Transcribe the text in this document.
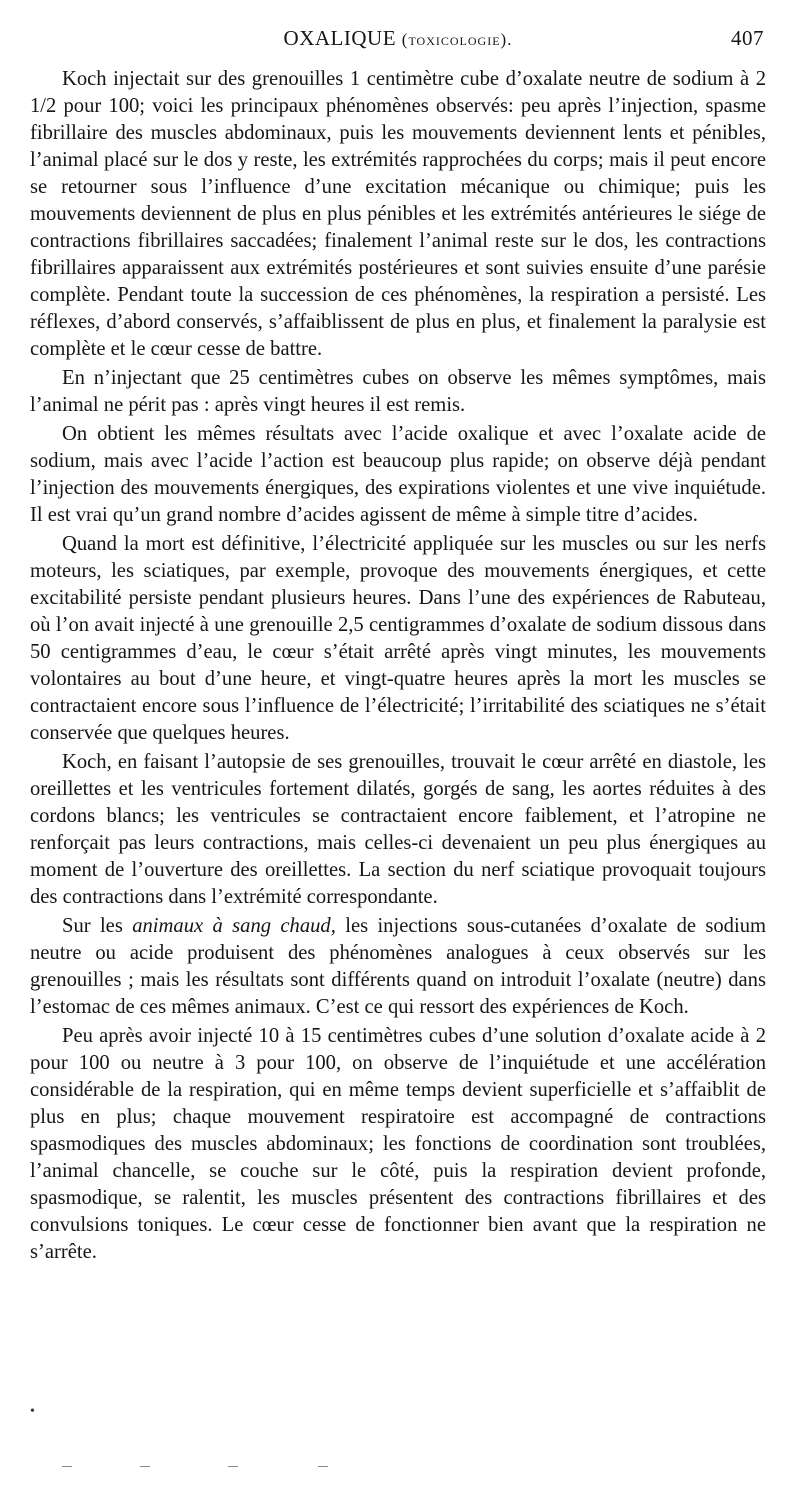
OXALIQUE (toxicologie).	407

Koch injectait sur des grenouilles 1 centimètre cube d’oxalate neutre de sodium à 2 1/2 pour 100; voici les principaux phénomènes observés: peu après l’injection, spasme fibrillaire des muscles abdominaux, puis les mouvements deviennent lents et pénibles, l’animal placé sur le dos y reste, les extrémités rapprochées du corps; mais il peut encore se retourner sous l’influence d’une excitation mécanique ou chimique; puis les mouvements deviennent de plus en plus pénibles et les extrémités antérieures le siége de contractions fibrillaires saccadées; finalement l’animal reste sur le dos, les contractions fibrillaires apparaissent aux extrémités postérieures et sont suivies ensuite d’une parésie complète. Pendant toute la succession de ces phénomènes, la respiration a persisté. Les réflexes, d’abord conservés, s’affaiblissent de plus en plus, et finalement la paralysie est complète et le cœur cesse de battre.

En n’injectant que 25 centimètres cubes on observe les mêmes symptômes, mais l’animal ne périt pas : après vingt heures il est remis.

On obtient les mêmes résultats avec l’acide oxalique et avec l’oxalate acide de sodium, mais avec l’acide l’action est beaucoup plus rapide; on observe déjà pendant l’injection des mouvements énergiques, des expirations violentes et une vive inquiétude. Il est vrai qu’un grand nombre d’acides agissent de même à simple titre d’acides.

Quand la mort est définitive, l’électricité appliquée sur les muscles ou sur les nerfs moteurs, les sciatiques, par exemple, provoque des mouvements énergiques, et cette excitabilité persiste pendant plusieurs heures. Dans l’une des expériences de Rabuteau, où l’on avait injecté à une grenouille 2,5 centigrammes d’oxalate de sodium dissous dans 50 centigrammes d’eau, le cœur s’était arrêté après vingt minutes, les mouvements volontaires au bout d’une heure, et vingt-quatre heures après la mort les muscles se contractaient encore sous l’influence de l’électricité; l’irritabilité des sciatiques ne s’était conservée que quelques heures.

Koch, en faisant l’autopsie de ses grenouilles, trouvait le cœur arrêté en diastole, les oreillettes et les ventricules fortement dilatés, gorgés de sang, les aortes réduites à des cordons blancs; les ventricules se contractaient encore faiblement, et l’atropine ne renforçait pas leurs contractions, mais celles-ci devenaient un peu plus énergiques au moment de l’ouverture des oreillettes. La section du nerf sciatique provoquait toujours des contractions dans l’extrémité correspondante.

Sur les animaux à sang chaud, les injections sous-cutanées d’oxalate de sodium neutre ou acide produisent des phénomènes analogues à ceux observés sur les grenouilles ; mais les résultats sont différents quand on introduit l’oxalate (neutre) dans l’estomac de ces mêmes animaux. C’est ce qui ressort des expériences de Koch.

Peu après avoir injecté 10 à 15 centimètres cubes d’une solution d’oxalate acide à 2 pour 100 ou neutre à 3 pour 100, on observe de l’inquiétude et une accélération considérable de la respiration, qui en même temps devient superficielle et s’affaiblit de plus en plus; chaque mouvement respiratoire est accompagné de contractions spasmodiques des muscles abdominaux; les fonctions de coordination sont troublées, l’animal chancelle, se couche sur le côté, puis la respiration devient profonde, spasmodique, se ralentit, les muscles présentent des contractions fibrillaires et des convulsions toniques. Le cœur cesse de fonctionner bien avant que la respiration ne s’arrête.

•
